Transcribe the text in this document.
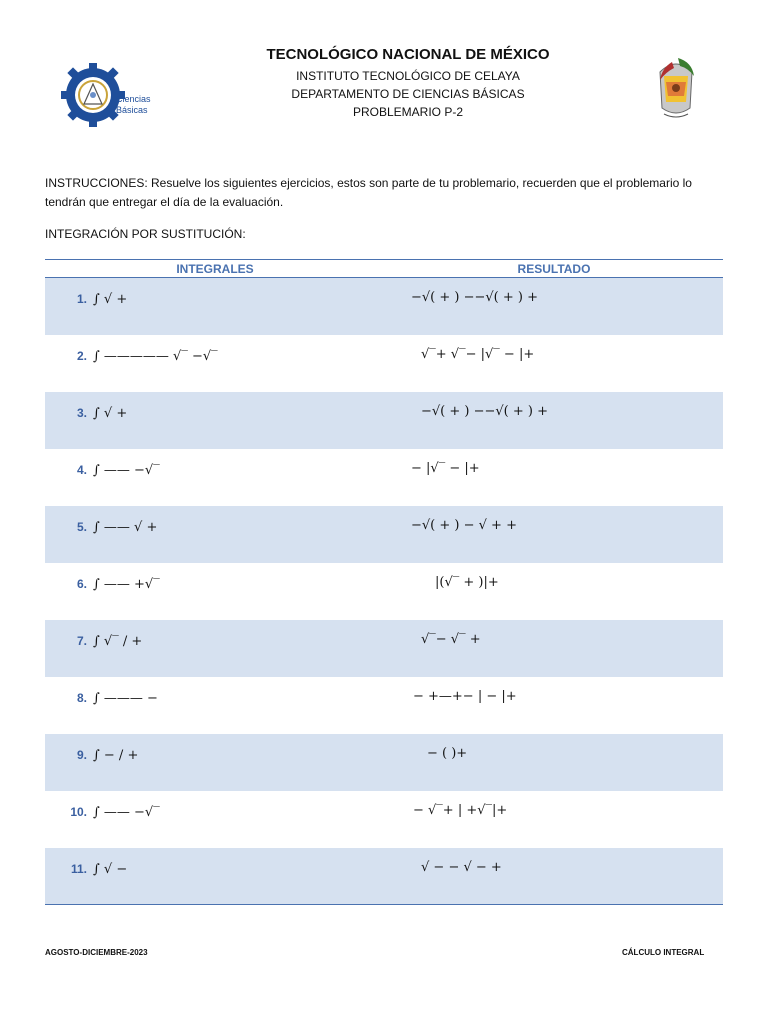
Ciencias
Básicas
TECNOLÓGICO NACIONAL DE MÉXICO
INSTITUTO TECNOLÓGICO DE CELAYA
DEPARTAMENTO DE CIENCIAS BÁSICAS
PROBLEMARIO P-2
INSTRUCCIONES: Resuelve los siguientes ejercicios, estos son parte de tu problemario, recuerden que el problemario lo tendrán que entregar el día de la evaluación.
INTEGRACIÓN POR SUSTITUCIÓN:
INTEGRALES	RESULTADO
1. ∫ √ +	−√( + ) −−√( + ) +

2. ∫ ————— √‾ −√‾	√‾+ √‾− |√‾ − |+

3. ∫ √ +	−√( + ) −−√( + ) +

4. ∫ —— −√‾	− |√‾ − |+

5. ∫ —— √ +	−√( + ) − √ + +

6. ∫ —— +√‾	|(√‾ + )|+

7. ∫ √‾ / +	√‾− √‾ +

8. ∫ ——— −	− +—+− | − |+

9. ∫ − / +	− ( )+

10. ∫ —— −√‾	− √‾+ | +√‾|+

11. ∫ √ −	√ − − √ − +
AGOSTO-DICIEMBRE-2023	CÁLCULO INTEGRAL
